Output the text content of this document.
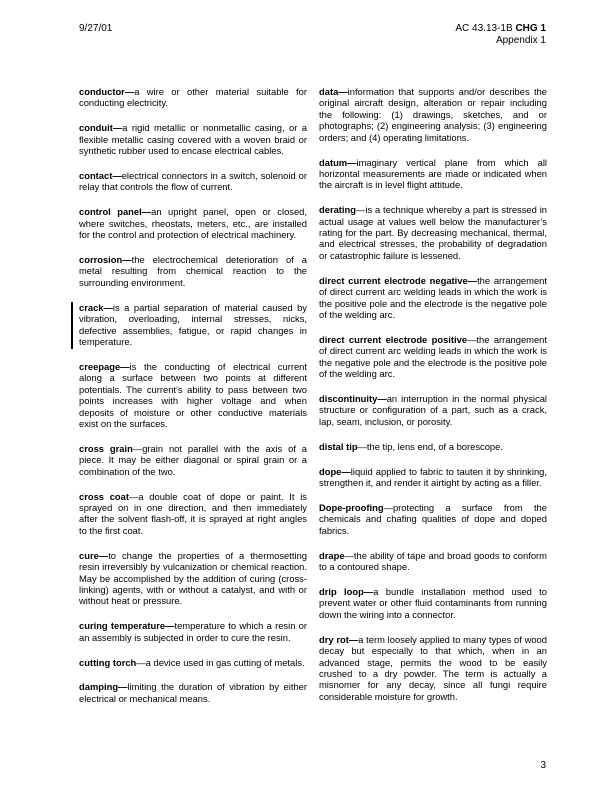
9/27/01	AC 43.13-1B CHG 1
Appendix 1

conductor—a wire or other material suitable for conducting electricity.

conduit—a rigid metallic or nonmetallic casing, or a flexible metallic casing covered with a woven braid or synthetic rubber used to encase electrical cables.

contact—electrical connectors in a switch, solenoid or relay that controls the flow of current.

control panel—an upright panel, open or closed, where switches, rheostats, meters, etc., are installed for the control and protection of electrical machinery.

corrosion—the electrochemical deterioration of a metal resulting from chemical reaction to the surrounding environment.

crack—is a partial separation of material caused by vibration, overloading, internal stresses, nicks, defective assemblies, fatigue, or rapid changes in temperature.

creepage—is the conducting of electrical current along a surface between two points at different potentials. The current’s ability to pass between two points increases with higher voltage and when deposits of moisture or other conductive materials exist on the surfaces.

cross grain—grain not parallel with the axis of a piece. It may be either diagonal or spiral grain or a combination of the two.

cross coat—a double coat of dope or paint. It is sprayed on in one direction, and then immediately after the solvent flash-off, it is sprayed at right angles to the first coat.

cure—to change the properties of a thermosetting resin irreversibly by vulcanization or chemical reaction. May be accomplished by the addition of curing (cross-linking) agents, with or without a catalyst, and with or without heat or pressure.

curing temperature—temperature to which a resin or an assembly is subjected in order to cure the resin.

cutting torch—a device used in gas cutting of metals.

damping—limiting the duration of vibration by either electrical or mechanical means.

data—information that supports and/or describes the original aircraft design, alteration or repair including the following: (1) drawings, sketches, and or photographs; (2) engineering analysis; (3) engineering orders; and (4) operating limitations.

datum—imaginary vertical plane from which all horizontal measurements are made or indicated when the aircraft is in level flight attitude.

derating—is a technique whereby a part is stressed in actual usage at values well below the manufacturer’s rating for the part. By decreasing mechanical, thermal, and electrical stresses, the probability of degradation or catastrophic failure is lessened.

direct current electrode negative—the arrangement of direct current arc welding leads in which the work is the positive pole and the electrode is the negative pole of the welding arc.

direct current electrode positive—the arrangement of direct current arc welding leads in which the work is the negative pole and the electrode is the positive pole of the welding arc.

discontinuity—an interruption in the normal physical structure or configuration of a part, such as a crack, lap, seam, inclusion, or porosity.

distal tip—the tip, lens end, of a borescope.

dope—liquid applied to fabric to tauten it by shrinking, strengthen it, and render it airtight by acting as a filler.

Dope-proofing—protecting a surface from the chemicals and chafing qualities of dope and doped fabrics.

drape—the ability of tape and broad goods to conform to a contoured shape.

drip loop—a bundle installation method used to prevent water or other fluid contaminants from running down the wiring into a connector.

dry rot—a term loosely applied to many types of wood decay but especially to that which, when in an advanced stage, permits the wood to be easily crushed to a dry powder. The term is actually a misnomer for any decay, since all fungi require considerable moisture for growth.

3
